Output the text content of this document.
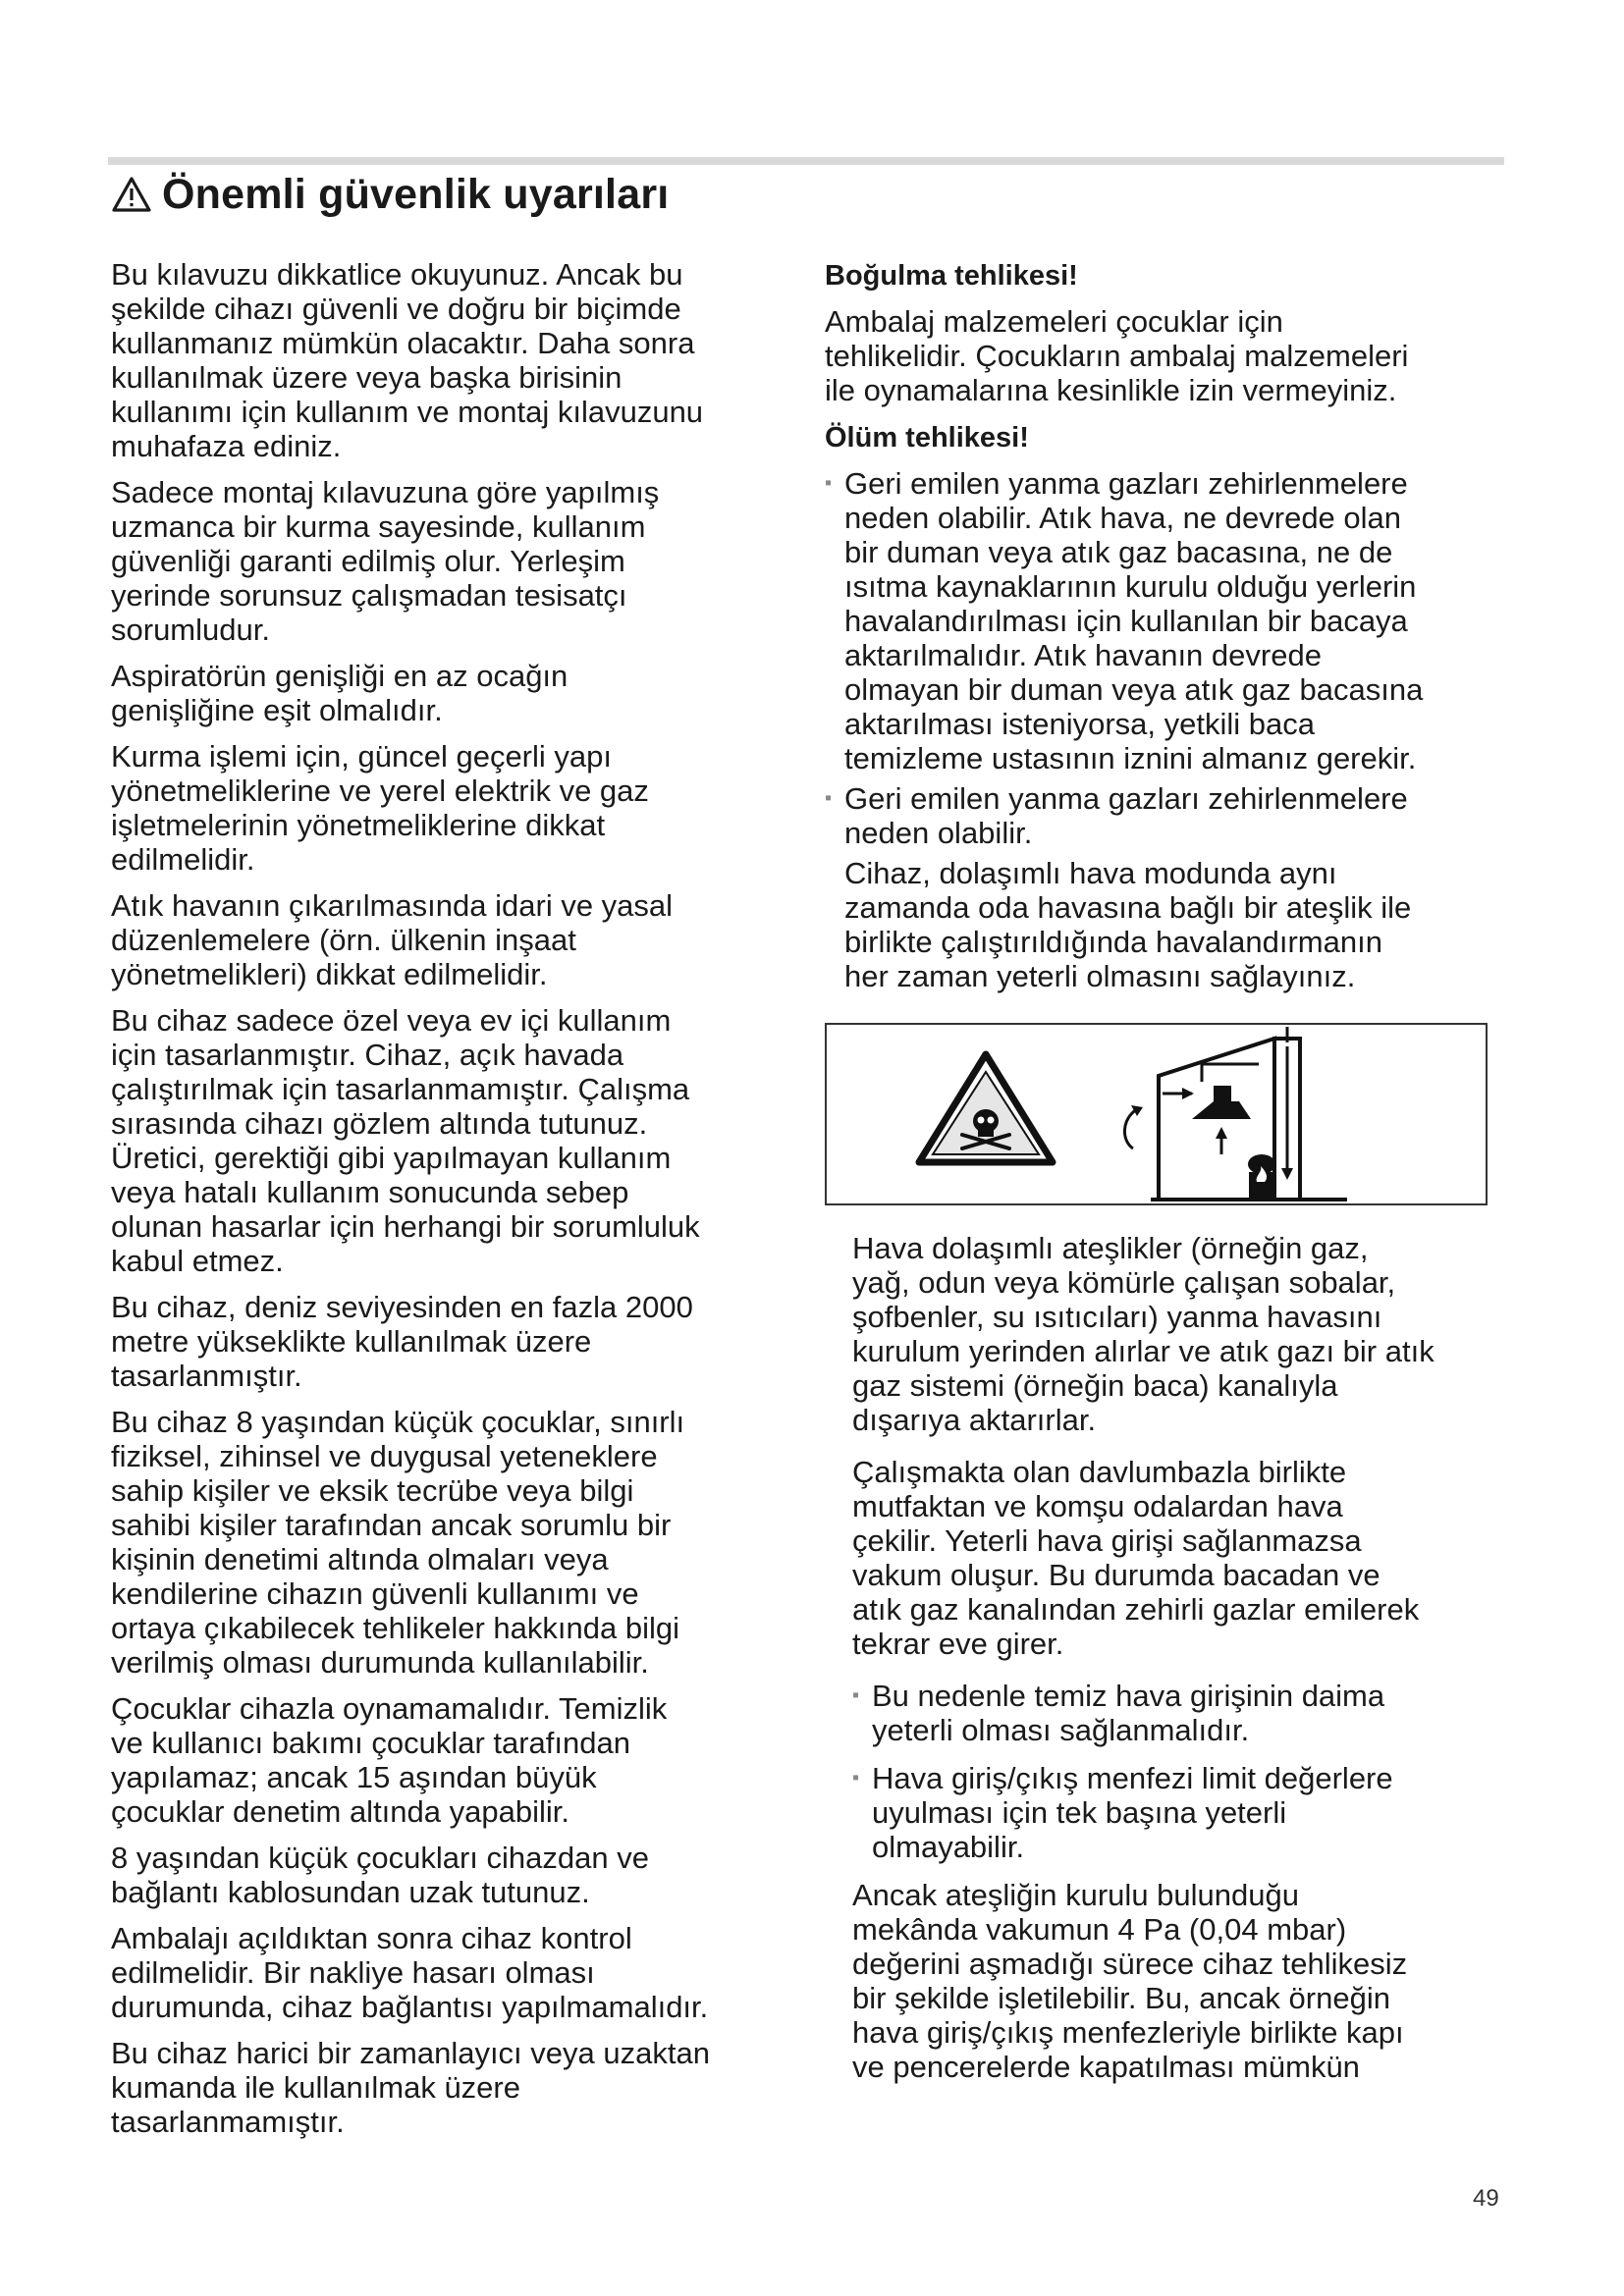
Önemli güvenlik uyarıları

Bu kılavuzu dikkatlice okuyunuz. Ancak bu
şekilde cihazı güvenli ve doğru bir biçimde
kullanmanız mümkün olacaktır. Daha sonra
kullanılmak üzere veya başka birisinin
kullanımı için kullanım ve montaj kılavuzunu
muhafaza ediniz.

Sadece montaj kılavuzuna göre yapılmış
uzmanca bir kurma sayesinde, kullanım
güvenliği garanti edilmiş olur. Yerleşim
yerinde sorunsuz çalışmadan tesisatçı
sorumludur.

Aspiratörün genişliği en az ocağın
genişliğine eşit olmalıdır.

Kurma işlemi için, güncel geçerli yapı
yönetmeliklerine ve yerel elektrik ve gaz
işletmelerinin yönetmeliklerine dikkat
edilmelidir.

Atık havanın çıkarılmasında idari ve yasal
düzenlemelere (örn. ülkenin inşaat
yönetmelikleri) dikkat edilmelidir.

Bu cihaz sadece özel veya ev içi kullanım
için tasarlanmıştır. Cihaz, açık havada
çalıştırılmak için tasarlanmamıştır. Çalışma
sırasında cihazı gözlem altında tutunuz.
Üretici, gerektiği gibi yapılmayan kullanım
veya hatalı kullanım sonucunda sebep
olunan hasarlar için herhangi bir sorumluluk
kabul etmez.

Bu cihaz, deniz seviyesinden en fazla 2000
metre yükseklikte kullanılmak üzere
tasarlanmıştır.

Bu cihaz 8 yaşından küçük çocuklar, sınırlı
fiziksel, zihinsel ve duygusal yeteneklere
sahip kişiler ve eksik tecrübe veya bilgi
sahibi kişiler tarafından ancak sorumlu bir
kişinin denetimi altında olmaları veya
kendilerine cihazın güvenli kullanımı ve
ortaya çıkabilecek tehlikeler hakkında bilgi
verilmiş olması durumunda kullanılabilir.

Çocuklar cihazla oynamamalıdır. Temizlik
ve kullanıcı bakımı çocuklar tarafından
yapılamaz; ancak 15 aşından büyük
çocuklar denetim altında yapabilir.

8 yaşından küçük çocukları cihazdan ve
bağlantı kablosundan uzak tutunuz.

Ambalajı açıldıktan sonra cihaz kontrol
edilmelidir. Bir nakliye hasarı olması
durumunda, cihaz bağlantısı yapılmamalıdır.

Bu cihaz harici bir zamanlayıcı veya uzaktan
kumanda ile kullanılmak üzere
tasarlanmamıştır.

Boğulma tehlikesi!

Ambalaj malzemeleri çocuklar için
tehlikelidir. Çocukların ambalaj malzemeleri
ile oynamalarına kesinlikle izin vermeyiniz.

Ölüm tehlikesi!

▪ Geri emilen yanma gazları zehirlenmelere
neden olabilir. Atık hava, ne devrede olan
bir duman veya atık gaz bacasına, ne de
ısıtma kaynaklarının kurulu olduğu yerlerin
havalandırılması için kullanılan bir bacaya
aktarılmalıdır. Atık havanın devrede
olmayan bir duman veya atık gaz bacasına
aktarılması isteniyorsa, yetkili baca
temizleme ustasının iznini almanız gerekir.
▪ Geri emilen yanma gazları zehirlenmelere
neden olabilir.

Cihaz, dolaşımlı hava modunda aynı
zamanda oda havasına bağlı bir ateşlik ile
birlikte çalıştırıldığında havalandırmanın
her zaman yeterli olmasını sağlayınız.

Hava dolaşımlı ateşlikler (örneğin gaz,
yağ, odun veya kömürle çalışan sobalar,
şofbenler, su ısıtıcıları) yanma havasını
kurulum yerinden alırlar ve atık gazı bir atık
gaz sistemi (örneğin baca) kanalıyla
dışarıya aktarırlar.

Çalışmakta olan davlumbazla birlikte
mutfaktan ve komşu odalardan hava
çekilir. Yeterli hava girişi sağlanmazsa
vakum oluşur. Bu durumda bacadan ve
atık gaz kanalından zehirli gazlar emilerek
tekrar eve girer.

▪ Bu nedenle temiz hava girişinin daima
yeterli olması sağlanmalıdır.
▪ Hava giriş/çıkış menfezi limit değerlere
uyulması için tek başına yeterli
olmayabilir.

Ancak ateşliğin kurulu bulunduğu
mekânda vakumun 4 Pa (0,04 mbar)
değerini aşmadığı sürece cihaz tehlikesiz
bir şekilde işletilebilir. Bu, ancak örneğin
hava giriş/çıkış menfezleriyle birlikte kapı
ve pencerelerde kapatılması mümkün

49
